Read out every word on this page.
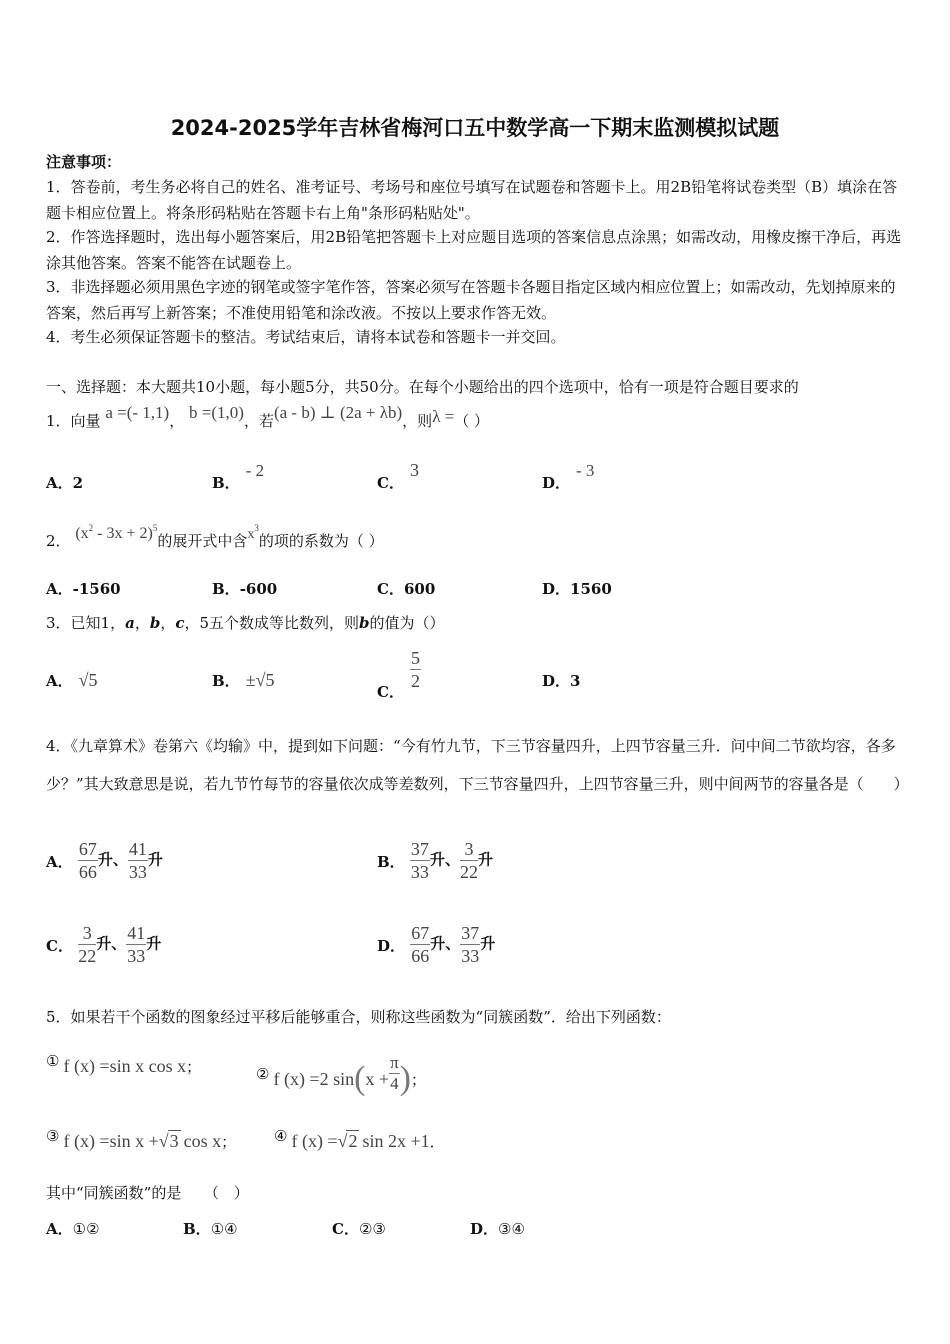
2024-2025学年吉林省梅河口五中数学高一下期末监测模拟试题
注意事项：
1．答卷前，考生务必将自己的姓名、准考证号、考场号和座位号填写在试题卷和答题卡上。用2B铅笔将试卷类型（B）填涂在答题卡相应位置上。将条形码粘贴在答题卡右上角"条形码粘贴处"。
2．作答选择题时，选出每小题答案后，用2B铅笔把答题卡上对应题目选项的答案信息点涂黑；如需改动，用橡皮擦干净后，再选涂其他答案。答案不能答在试题卷上。
3．非选择题必须用黑色字迹的钢笔或签字笔作答，答案必须写在答题卡各题目指定区域内相应位置上；如需改动，先划掉原来的答案，然后再写上新答案；不准使用铅笔和涂改液。不按以上要求作答无效。
4．考生必须保证答题卡的整洁。考试结束后，请将本试卷和答题卡一并交回。
一、选择题：本大题共10小题，每小题5分，共50分。在每个小题给出的四个选项中，恰有一项是符合题目要求的
1．向量 a =(- 1,1)， b =(1,0)，若(a - b) ⊥ (2a + λb)，则λ =（ ）
A．2	B．- 2
C．3
D．- 3
2． $(x^2 - 3x + 2)^5$的展开式中含$x^3$的项的系数为（ ）
A．-1560	B．-600	C．600	D．1560
3．已知1，a，b，c，5五个数成等比数列，则b的值为（）
A． √5	B． ±√5
C． $\frac{5}{2}$	D．3
4．《九章算术》卷第六《均输》中，提到如下问题：“今有竹九节，下三节容量四升，上四节容量三升．问中间二节欲均容，各多少？”其大致意思是说，若九节竹每节的容量依次成等差数列，下三节容量四升，上四节容量三升，则中间两节的容量各是（　　）
A． $\frac{67}{66}$ 升、 $\frac{41}{33}$ 升	B． $\frac{37}{33}$ 升、 $\frac{3}{22}$ 升
C． $\frac{3}{22}$ 升、 $\frac{41}{33}$ 升	D． $\frac{67}{66}$ 升、 $\frac{37}{33}$ 升
5．如果若干个函数的图象经过平移后能够重合，则称这些函数为“同簇函数”．给出下列函数：
① f (x) =sin x cos x；	② f (x) =2 $\sin(x + \frac{\pi}{4}$ )；
③ f (x) =sin x +√3 cos x；	④ f (x) =√2 sin 2x +1．
其中“同簇函数”的是　　（　）
A．①②	B．①④	C．②③	D．③④
